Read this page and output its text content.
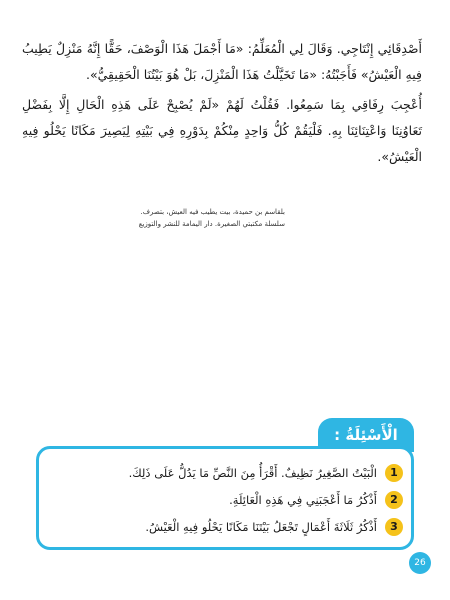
أَصْدِقَائِي إِنْتَاجِي. وَقَالَ لِي الْمُعَلِّمُ: «مَا أَجْمَلَ هَذَا الْوَصْفَ، حَقًّا إِنَّهُ مَنْزِلٌ يَطِيبُ فِيهِ الْعَيْشُ» فَأَجَبْتُهُ: «مَا تَخَيَّلْتُ هَذَا الْمَنْزِلَ، بَلْ هُوَ بَيْتُنَا الْحَقِيقِيُّ».

أُعْجِبَ رِفَاقِي بِمَا سَمِعُوا. فَقُلْتُ لَهُمْ «لَمْ يُصْبِحْ عَلَى هَذِهِ الْحَالِ إِلَّا بِفَضْلِ تَعَاوُنِنَا وَاعْتِنَائِنَا بِهِ. فَلْيَقُمْ كُلُّ وَاحِدٍ مِنْكُمْ بِدَوْرِهِ فِي بَيْتِهِ لِيَصِيرَ مَكَانًا يَحْلُو فِيهِ الْعَيْشُ».

بلقاسم بن حميدة، بيت يطيب فيه العيش، بتصرف.
سلسلة مكتبتي الصغيرة. دار اليمامة للنشر والتوزيع
الْأَسْئِلَةُ :
1
الْبَيْتُ الصَّغِيرُ نَظِيفٌ. أَقْرَأُ مِنَ النَّصِّ مَا يَدُلُّ عَلَى ذَلِكَ.
2
أَذْكُرُ مَا أَعْجَبَنِي فِي هَذِهِ الْعَائِلَةِ.
3
أَذْكُرُ ثَلَاثَةَ أَعْمَالٍ تَجْعَلُ بَيْتَنَا مَكَانًا يَحْلُو فِيهِ الْعَيْشُ.
26
